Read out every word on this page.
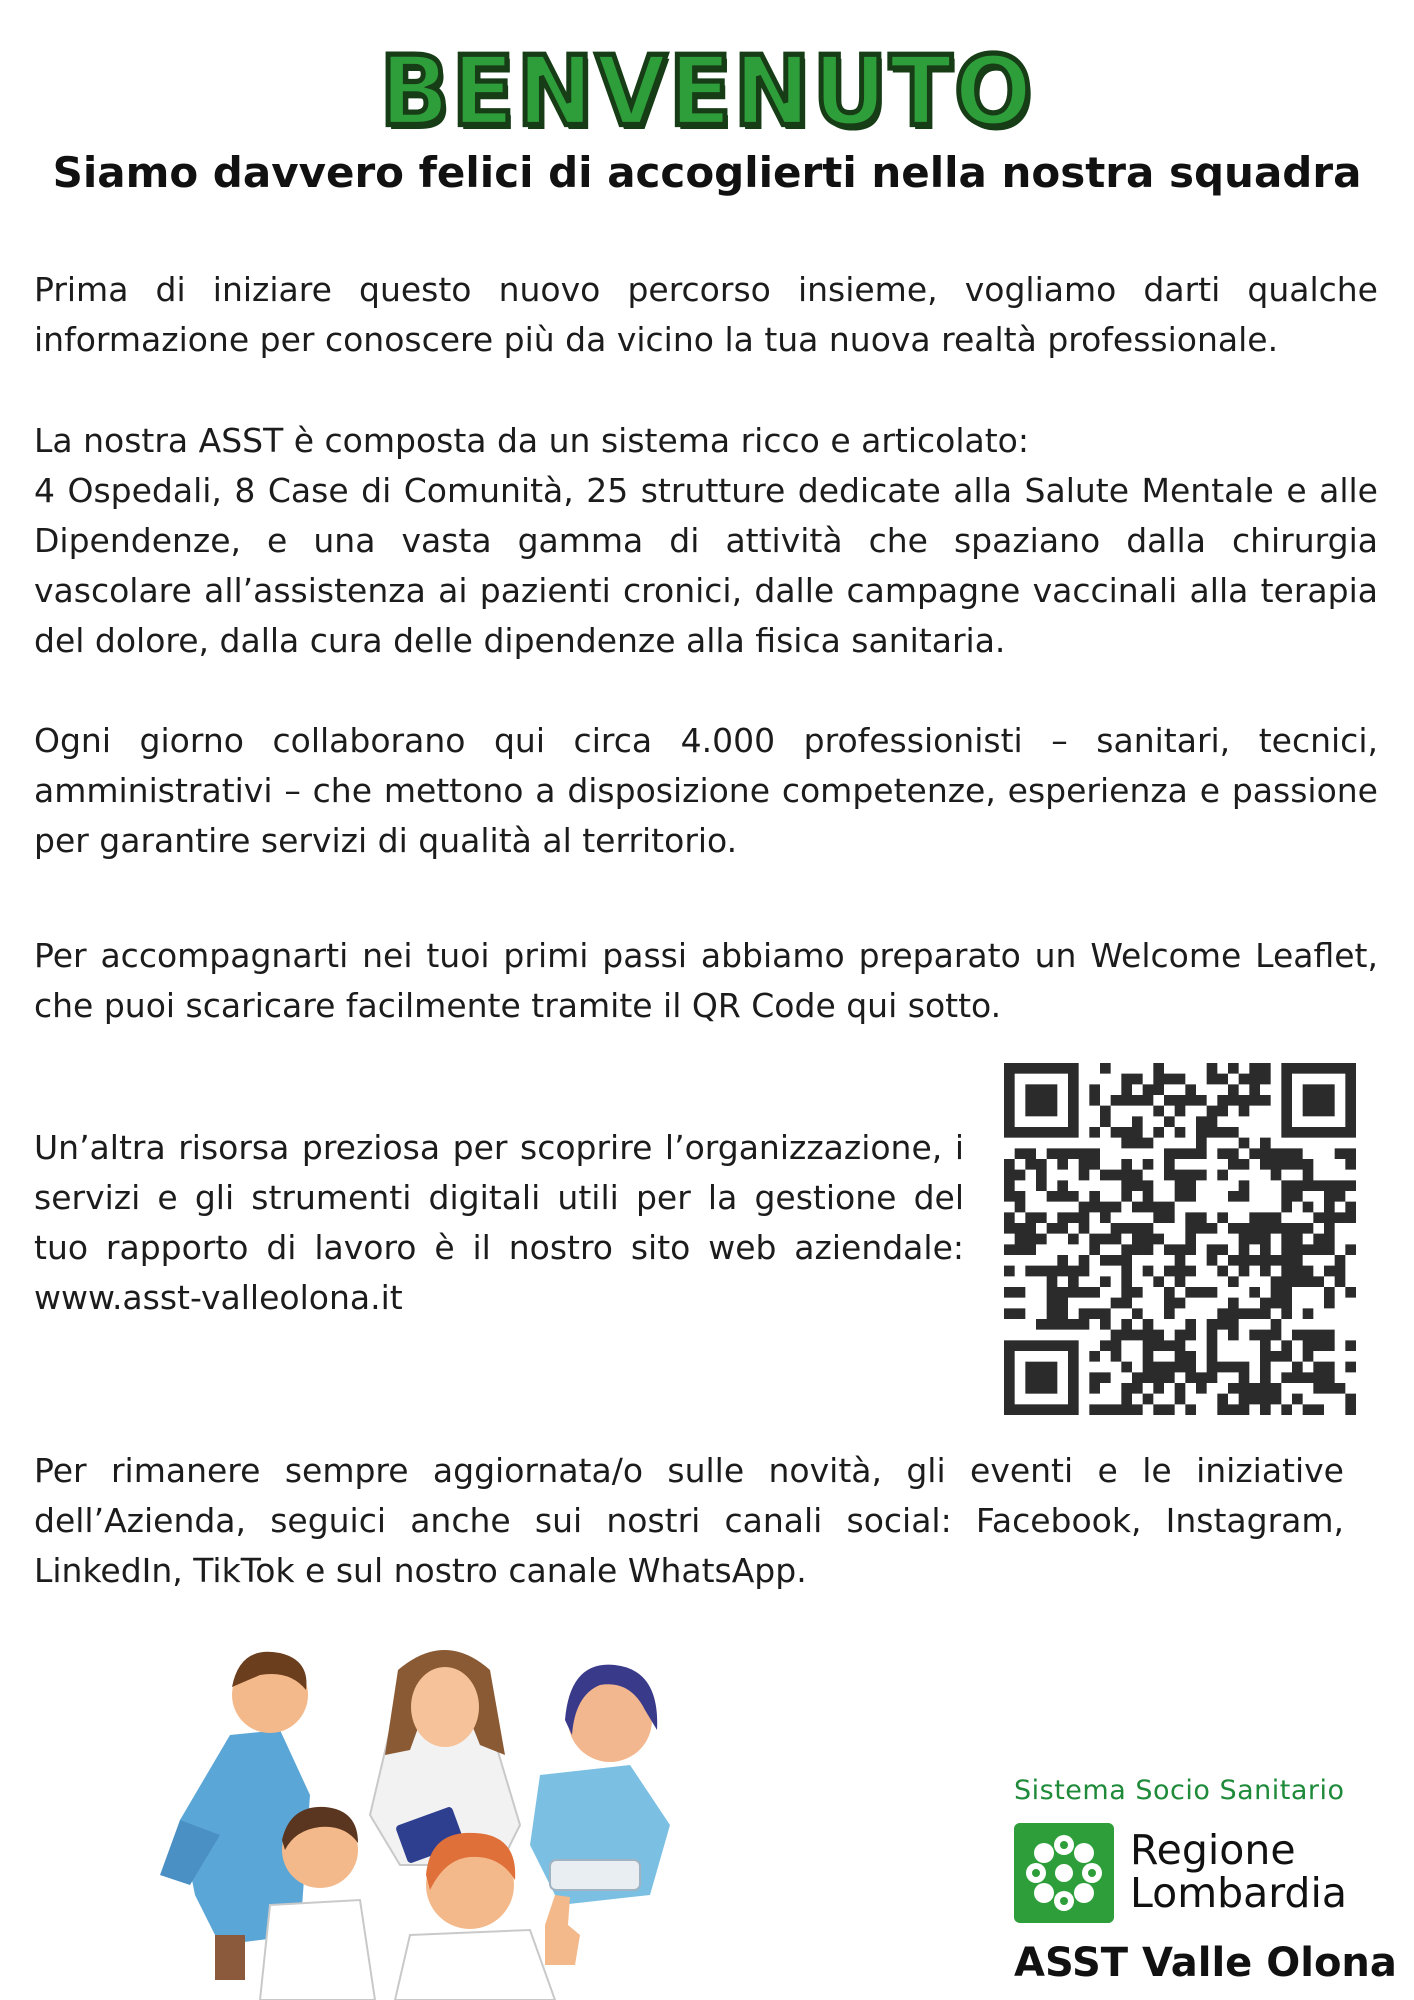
BENVENUTO
Siamo davvero felici di accoglierti nella nostra squadra

Prima di iniziare questo nuovo percorso insieme, vogliamo darti qualche informazione per conoscere più da vicino la tua nuova realtà professionale.

La nostra ASST è composta da un sistema ricco e articolato:
4 Ospedali, 8 Case di Comunità, 25 strutture dedicate alla Salute Mentale e alle Dipendenze, e una vasta gamma di attività che spaziano dalla chirurgia vascolare all’assistenza ai pazienti cronici, dalle campagne vaccinali alla terapia del dolore, dalla cura delle dipendenze alla fisica sanitaria.

Ogni giorno collaborano qui circa 4.000 professionisti – sanitari, tecnici, amministrativi – che mettono a disposizione competenze, esperienza e passione per garantire servizi di qualità al territorio.

Per accompagnarti nei tuoi primi passi abbiamo preparato un Welcome Leaflet, che puoi scaricare facilmente tramite il QR Code qui sotto.

Un’altra risorsa preziosa per scoprire l’organizzazione, i servizi e gli strumenti digitali utili per la gestione del tuo rapporto di lavoro è il nostro sito web aziendale: www.asst-valleolona.it

Per rimanere sempre aggiornata/o sulle novità, gli eventi e le iniziative dell’Azienda, seguici anche sui nostri canali social: Facebook, Instagram, LinkedIn, TikTok e sul nostro canale WhatsApp.

Sistema Socio Sanitario
Regione
Lombardia
ASST Valle Olona
